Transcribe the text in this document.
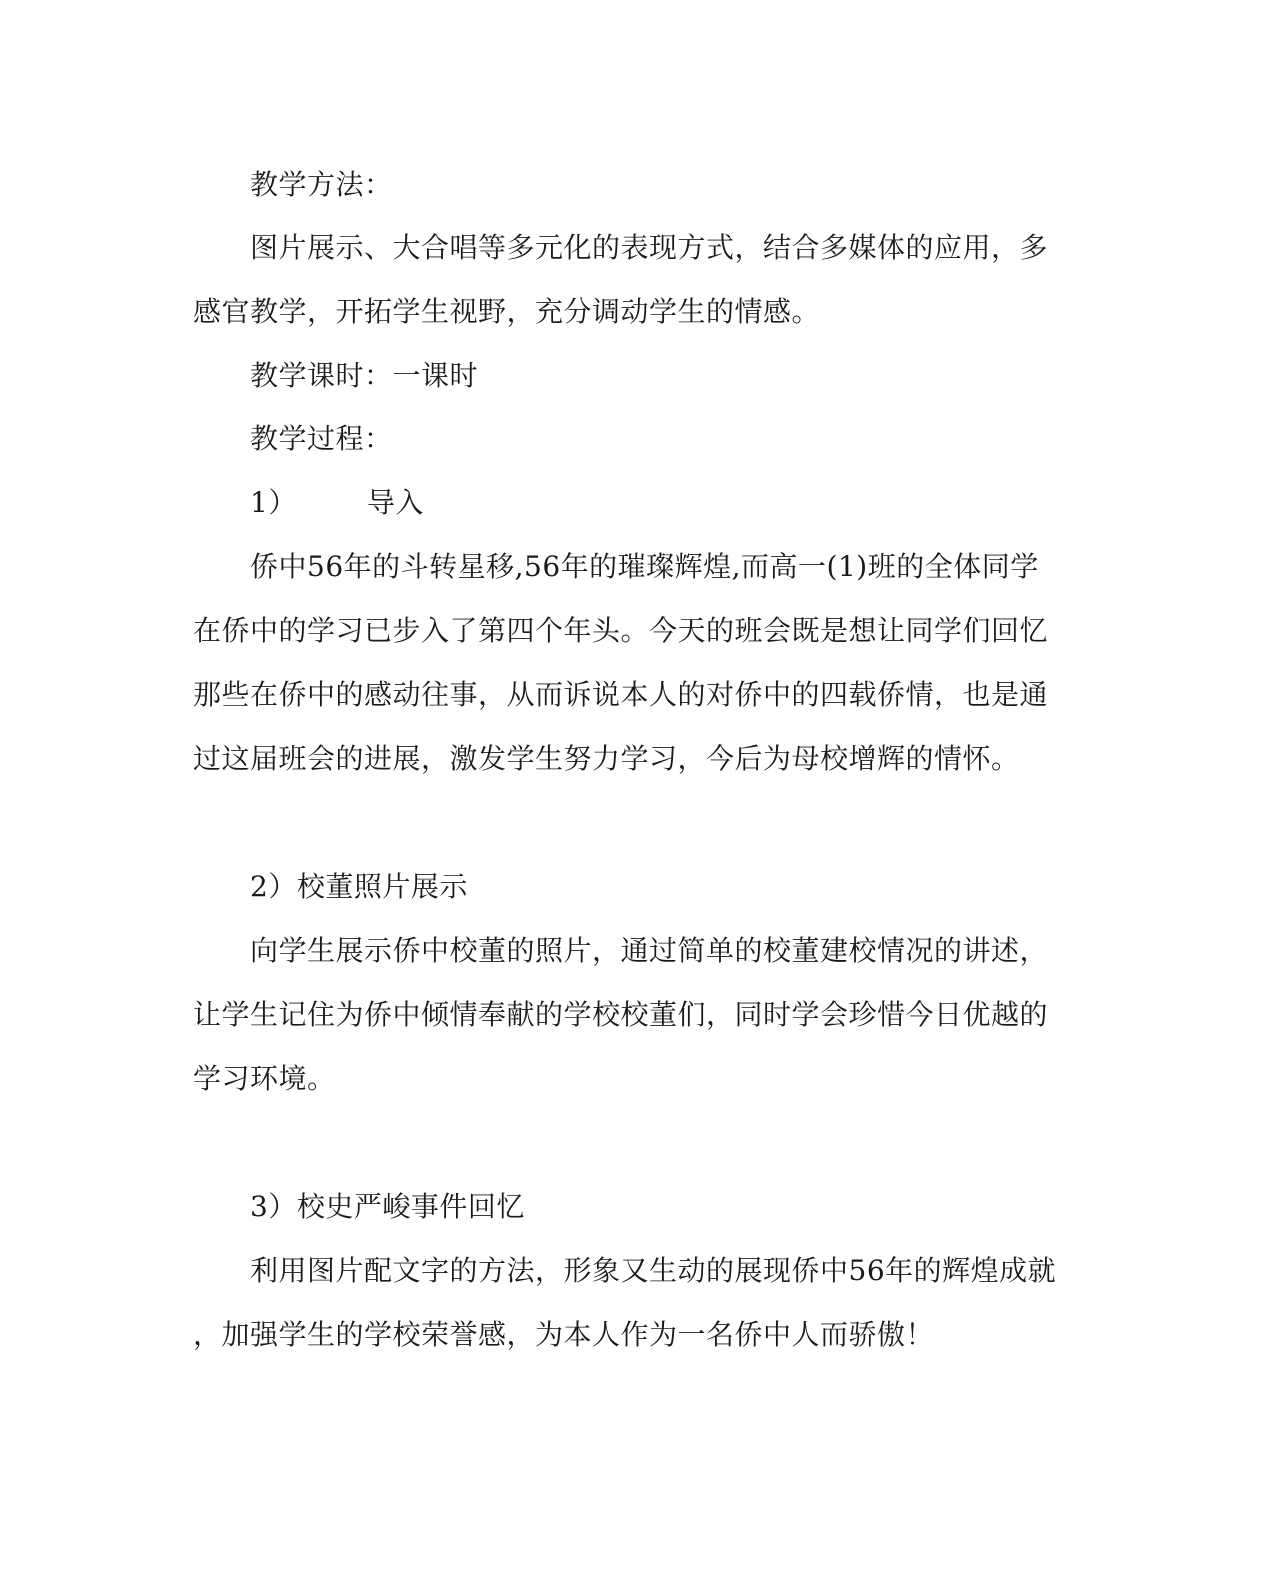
教学方法：
图片展示、大合唱等多元化的表现方式，结合多媒体的应用，多
感官教学，开拓学生视野，充分调动学生的情感。
教学课时：一课时
教学过程：
1）	导入
侨中56年的斗转星移,56年的璀璨辉煌,而高一(1)班的全体同学
在侨中的学习已步入了第四个年头。今天的班会既是想让同学们回忆
那些在侨中的感动往事，从而诉说本人的对侨中的四载侨情，也是通
过这届班会的进展，激发学生努力学习，今后为母校增辉的情怀。
2）校董照片展示
向学生展示侨中校董的照片，通过简单的校董建校情况的讲述，
让学生记住为侨中倾情奉献的学校校董们，同时学会珍惜今日优越的
学习环境。
3）校史严峻事件回忆
利用图片配文字的方法，形象又生动的展现侨中56年的辉煌成就
，加强学生的学校荣誉感，为本人作为一名侨中人而骄傲！
